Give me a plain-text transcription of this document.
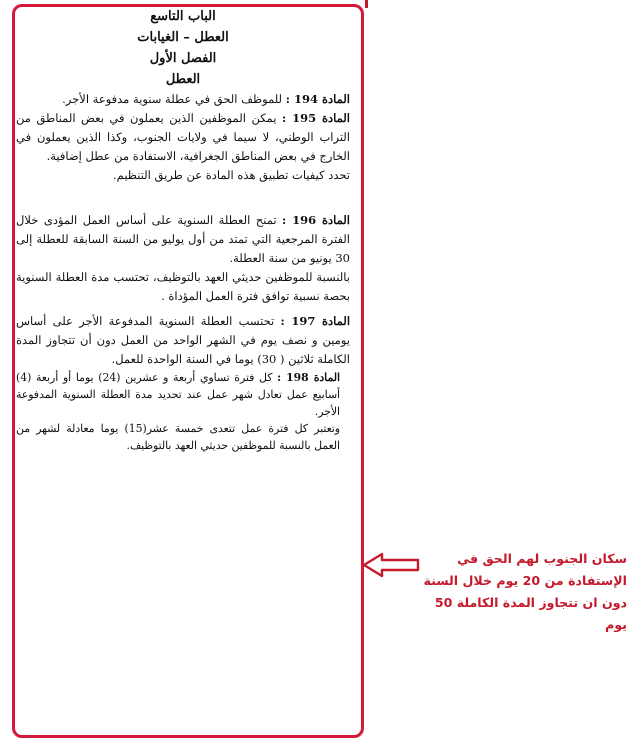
الباب التاسع

العطل – الغيابات

الفصل الأول

العطل

المادة 194 : للموظف الحق في عطلة سنوية مدفوعة الأجر.

المادة 195 : يمكن الموظفين الذين يعملون في بعض المناطق من التراب الوطني، لا سيما في ولايات الجنوب، وكذا الذين يعملون في الخارج في بعض المناطق الجغرافية، الاستفادة من عطل إضافية.

تحدد كيفيات تطبيق هذه المادة عن طريق التنظيم.

المادة 196 : تمنح العطلة السنوية على أساس العمل المؤدى خلال الفترة المرجعية التي تمتد من أول يوليو من السنة السابقة للعطلة إلى 30 يونيو من سنة العطلة.

بالنسبة للموظفين حديثي العهد بالتوظيف، تحتسب مدة العطلة السنوية بحصة نسبية توافق فترة العمل المؤداة .

المادة 197 : تحتسب العطلة السنوية المدفوعة الأجر على أساس يومين و نصف يوم في الشهر الواحد من العمل دون أن تتجاوز المدة الكاملة ثلاثين ( 30) يوما في السنة الواحدة للعمل.

المادة 198 : كل فترة تساوي أربعة و عشرين (24) يوما أو أربعة (4) أسابيع عمل تعادل شهر عمل عند تحديد مدة العطلة السنوية المدفوعة الأجر.

وتعتبر كل فترة عمل تتعدى خمسة عشر(15) يوما معادلة لشهر من العمل بالنسبة للموظفين حديثي العهد بالتوظيف.

سكان الجنوب لهم الحق في
الإستفادة من 20 يوم خلال السنة
دون ان تتجاوز المدة الكاملة 50 يوم
